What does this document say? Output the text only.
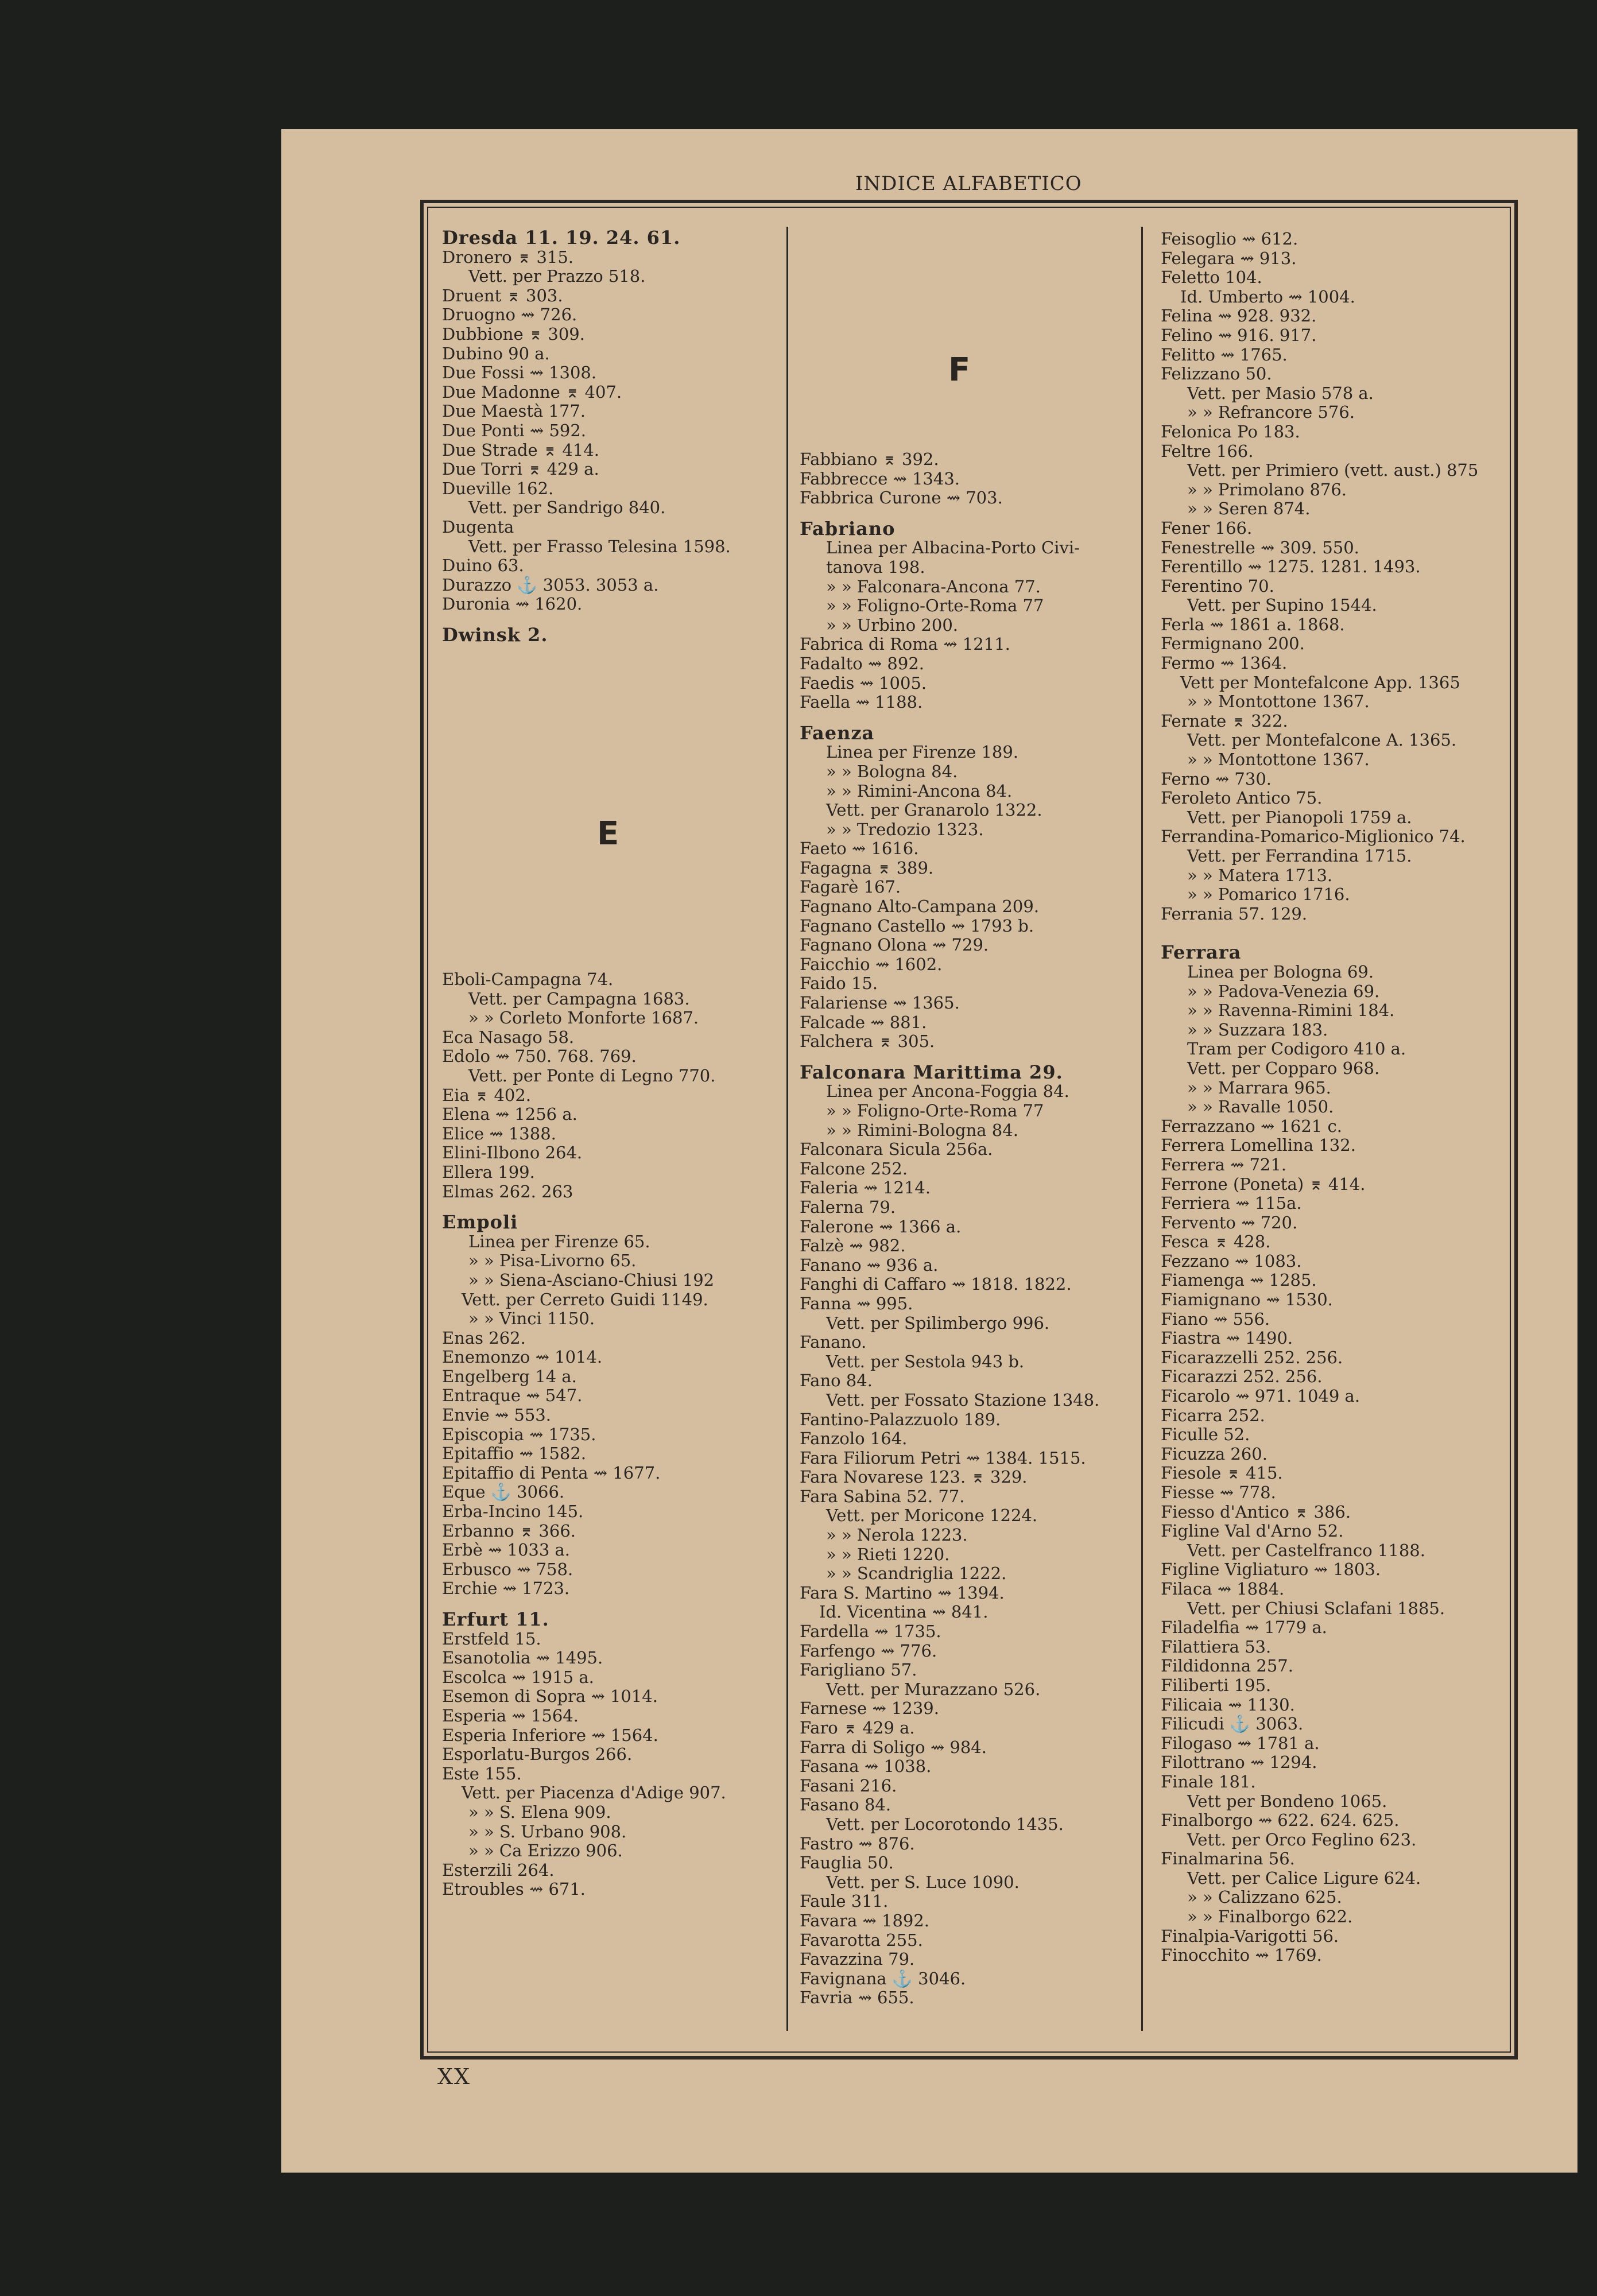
INDICE ALFABETICO
Dresda 11. 19. 24. 61.
Dronero ⌆ 315.
Vett. per Prazzo 518.
Druent ⌆ 303.
Druogno ⇝ 726.
Dubbione ⌆ 309.
Dubino 90 a.
Due Fossi ⇝ 1308.
Due Madonne ⌆ 407.
Due Maestà 177.
Due Ponti ⇝ 592.
Due Strade ⌆ 414.
Due Torri ⌆ 429 a.
Dueville 162.
Vett. per Sandrigo 840.
Dugenta
Vett. per Frasso Telesina 1598.
Duino 63.
Durazzo ⚓ 3053. 3053 a.
Duronia ⇝ 1620.
Dwinsk 2.
E
Eboli-Campagna 74.
Vett. per Campagna 1683.
» » Corleto Monforte 1687.
Eca Nasago 58.
Edolo ⇝ 750. 768. 769.
Vett. per Ponte di Legno 770.
Eia ⌆ 402.
Elena ⇝ 1256 a.
Elice ⇝ 1388.
Elini-Ilbono 264.
Ellera 199.
Elmas 262. 263
Empoli
Linea per Firenze 65.
» » Pisa-Livorno 65.
» » Siena-Asciano-Chiusi 192
Vett. per Cerreto Guidi 1149.
» » Vinci 1150.
Enas 262.
Enemonzo ⇝ 1014.
Engelberg 14 a.
Entraque ⇝ 547.
Envie ⇝ 553.
Episcopia ⇝ 1735.
Epitaffio ⇝ 1582.
Epitaffio di Penta ⇝ 1677.
Eque ⚓ 3066.
Erba-Incino 145.
Erbanno ⌆ 366.
Erbè ⇝ 1033 a.
Erbusco ⇝ 758.
Erchie ⇝ 1723.
Erfurt 11.
Erstfeld 15.
Esanotolia ⇝ 1495.
Escolca ⇝ 1915 a.
Esemon di Sopra ⇝ 1014.
Esperia ⇝ 1564.
Esperia Inferiore ⇝ 1564.
Esporlatu-Burgos 266.
Este 155.
Vett. per Piacenza d'Adige 907.
» » S. Elena 909.
» » S. Urbano 908.
» » Ca Erizzo 906.
Esterzili 264.
Etroubles ⇝ 671.
F
Fabbiano ⌆ 392.
Fabbrecce ⇝ 1343.
Fabbrica Curone ⇝ 703.
Fabriano
Linea per Albacina-Porto Civi-
tanova 198.
» » Falconara-Ancona 77.
» » Foligno-Orte-Roma 77
» » Urbino 200.
Fabrica di Roma ⇝ 1211.
Fadalto ⇝ 892.
Faedis ⇝ 1005.
Faella ⇝ 1188.
Faenza
Linea per Firenze 189.
» » Bologna 84.
» » Rimini-Ancona 84.
Vett. per Granarolo 1322.
» » Tredozio 1323.
Faeto ⇝ 1616.
Fagagna ⌆ 389.
Fagarè 167.
Fagnano Alto-Campana 209.
Fagnano Castello ⇝ 1793 b.
Fagnano Olona ⇝ 729.
Faicchio ⇝ 1602.
Faido 15.
Falariense ⇝ 1365.
Falcade ⇝ 881.
Falchera ⌆ 305.
Falconara Marittima 29.
Linea per Ancona-Foggia 84.
» » Foligno-Orte-Roma 77
» » Rimini-Bologna 84.
Falconara Sicula 256a.
Falcone 252.
Faleria ⇝ 1214.
Falerna 79.
Falerone ⇝ 1366 a.
Falzè ⇝ 982.
Fanano ⇝ 936 a.
Fanghi di Caffaro ⇝ 1818. 1822.
Fanna ⇝ 995.
Vett. per Spilimbergo 996.
Fanano.
Vett. per Sestola 943 b.
Fano 84.
Vett. per Fossato Stazione 1348.
Fantino-Palazzuolo 189.
Fanzolo 164.
Fara Filiorum Petri ⇝ 1384. 1515.
Fara Novarese 123. ⌆ 329.
Fara Sabina 52. 77.
Vett. per Moricone 1224.
» » Nerola 1223.
» » Rieti 1220.
» » Scandriglia 1222.
Fara S. Martino ⇝ 1394.
Id. Vicentina ⇝ 841.
Fardella ⇝ 1735.
Farfengo ⇝ 776.
Farigliano 57.
Vett. per Murazzano 526.
Farnese ⇝ 1239.
Faro ⌆ 429 a.
Farra di Soligo ⇝ 984.
Fasana ⇝ 1038.
Fasani 216.
Fasano 84.
Vett. per Locorotondo 1435.
Fastro ⇝ 876.
Fauglia 50.
Vett. per S. Luce 1090.
Faule 311.
Favara ⇝ 1892.
Favarotta 255.
Favazzina 79.
Favignana ⚓ 3046.
Favria ⇝ 655.
Feisoglio ⇝ 612.
Felegara ⇝ 913.
Feletto 104.
Id. Umberto ⇝ 1004.
Felina ⇝ 928. 932.
Felino ⇝ 916. 917.
Felitto ⇝ 1765.
Felizzano 50.
Vett. per Masio 578 a.
» » Refrancore 576.
Felonica Po 183.
Feltre 166.
Vett. per Primiero (vett. aust.) 875
» » Primolano 876.
» » Seren 874.
Fener 166.
Fenestrelle ⇝ 309. 550.
Ferentillo ⇝ 1275. 1281. 1493.
Ferentino 70.
Vett. per Supino 1544.
Ferla ⇝ 1861 a. 1868.
Fermignano 200.
Fermo ⇝ 1364.
Vett per Montefalcone App. 1365
» » Montottone 1367.
Fernate ⌆ 322.
Vett. per Montefalcone A. 1365.
» » Montottone 1367.
Ferno ⇝ 730.
Feroleto Antico 75.
Vett. per Pianopoli 1759 a.
Ferrandina-Pomarico-Miglionico 74.
Vett. per Ferrandina 1715.
» » Matera 1713.
» » Pomarico 1716.
Ferrania 57. 129.
Ferrara
Linea per Bologna 69.
» » Padova-Venezia 69.
» » Ravenna-Rimini 184.
» » Suzzara 183.
Tram per Codigoro 410 a.
Vett. per Copparo 968.
» » Marrara 965.
» » Ravalle 1050.
Ferrazzano ⇝ 1621 c.
Ferrera Lomellina 132.
Ferrera ⇝ 721.
Ferrone (Poneta) ⌆ 414.
Ferriera ⇝ 115a.
Fervento ⇝ 720.
Fesca ⌆ 428.
Fezzano ⇝ 1083.
Fiamenga ⇝ 1285.
Fiamignano ⇝ 1530.
Fiano ⇝ 556.
Fiastra ⇝ 1490.
Ficarazzelli 252. 256.
Ficarazzi 252. 256.
Ficarolo ⇝ 971. 1049 a.
Ficarra 252.
Ficulle 52.
Ficuzza 260.
Fiesole ⌆ 415.
Fiesse ⇝ 778.
Fiesso d'Antico ⌆ 386.
Figline Val d'Arno 52.
Vett. per Castelfranco 1188.
Figline Vigliaturo ⇝ 1803.
Filaca ⇝ 1884.
Vett. per Chiusi Sclafani 1885.
Filadelfia ⇝ 1779 a.
Filattiera 53.
Fildidonna 257.
Filiberti 195.
Filicaia ⇝ 1130.
Filicudi ⚓ 3063.
Filogaso ⇝ 1781 a.
Filottrano ⇝ 1294.
Finale 181.
Vett per Bondeno 1065.
Finalborgo ⇝ 622. 624. 625.
Vett. per Orco Feglino 623.
Finalmarina 56.
Vett. per Calice Ligure 624.
» » Calizzano 625.
» » Finalborgo 622.
Finalpia-Varigotti 56.
Finocchito ⇝ 1769.
XX
